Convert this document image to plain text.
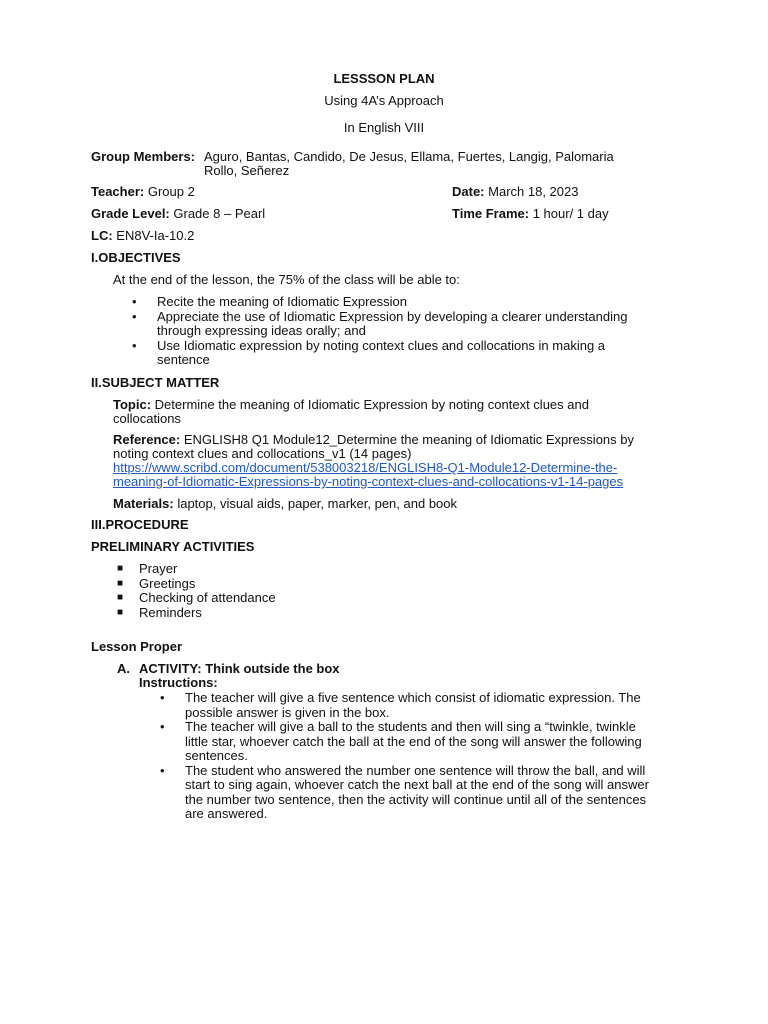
LESSSON PLAN
Using 4A’s Approach
In English VIII
Group Members: Aguro, Bantas, Candido, De Jesus, Ellama, Fuertes, Langig, Palomaria
Rollo, Señerez
Teacher: Group 2	Date: March 18, 2023
Grade Level: Grade 8 – Pearl	Time Frame: 1 hour/ 1 day
LC: EN8V-Ia-10.2
I.OBJECTIVES
At the end of the lesson, the 75% of the class will be able to:
• Recite the meaning of Idiomatic Expression
• Appreciate the use of Idiomatic Expression by developing a clearer understanding
through expressing ideas orally; and
• Use Idiomatic expression by noting context clues and collocations in making a
sentence
II.SUBJECT MATTER
Topic: Determine the meaning of Idiomatic Expression by noting context clues and
collocations
Reference: ENGLISH8 Q1 Module12_Determine the meaning of Idiomatic Expressions by
noting context clues and collocations_v1 (14 pages)
https://www.scribd.com/document/538003218/ENGLISH8-Q1-Module12-Determine-the-
meaning-of-Idiomatic-Expressions-by-noting-context-clues-and-collocations-v1-14-pages
Materials: laptop, visual aids, paper, marker, pen, and book
III.PROCEDURE
PRELIMINARY ACTIVITIES
■ Prayer
■ Greetings
■ Checking of attendance
■ Reminders
Lesson Proper
A. ACTIVITY: Think outside the box
Instructions:
• The teacher will give a five sentence which consist of idiomatic expression. The
possible answer is given in the box.
• The teacher will give a ball to the students and then will sing a “twinkle, twinkle
little star, whoever catch the ball at the end of the song will answer the following
sentences.
• The student who answered the number one sentence will throw the ball, and will
start to sing again, whoever catch the next ball at the end of the song will answer
the number two sentence, then the activity will continue until all of the sentences
are answered.
